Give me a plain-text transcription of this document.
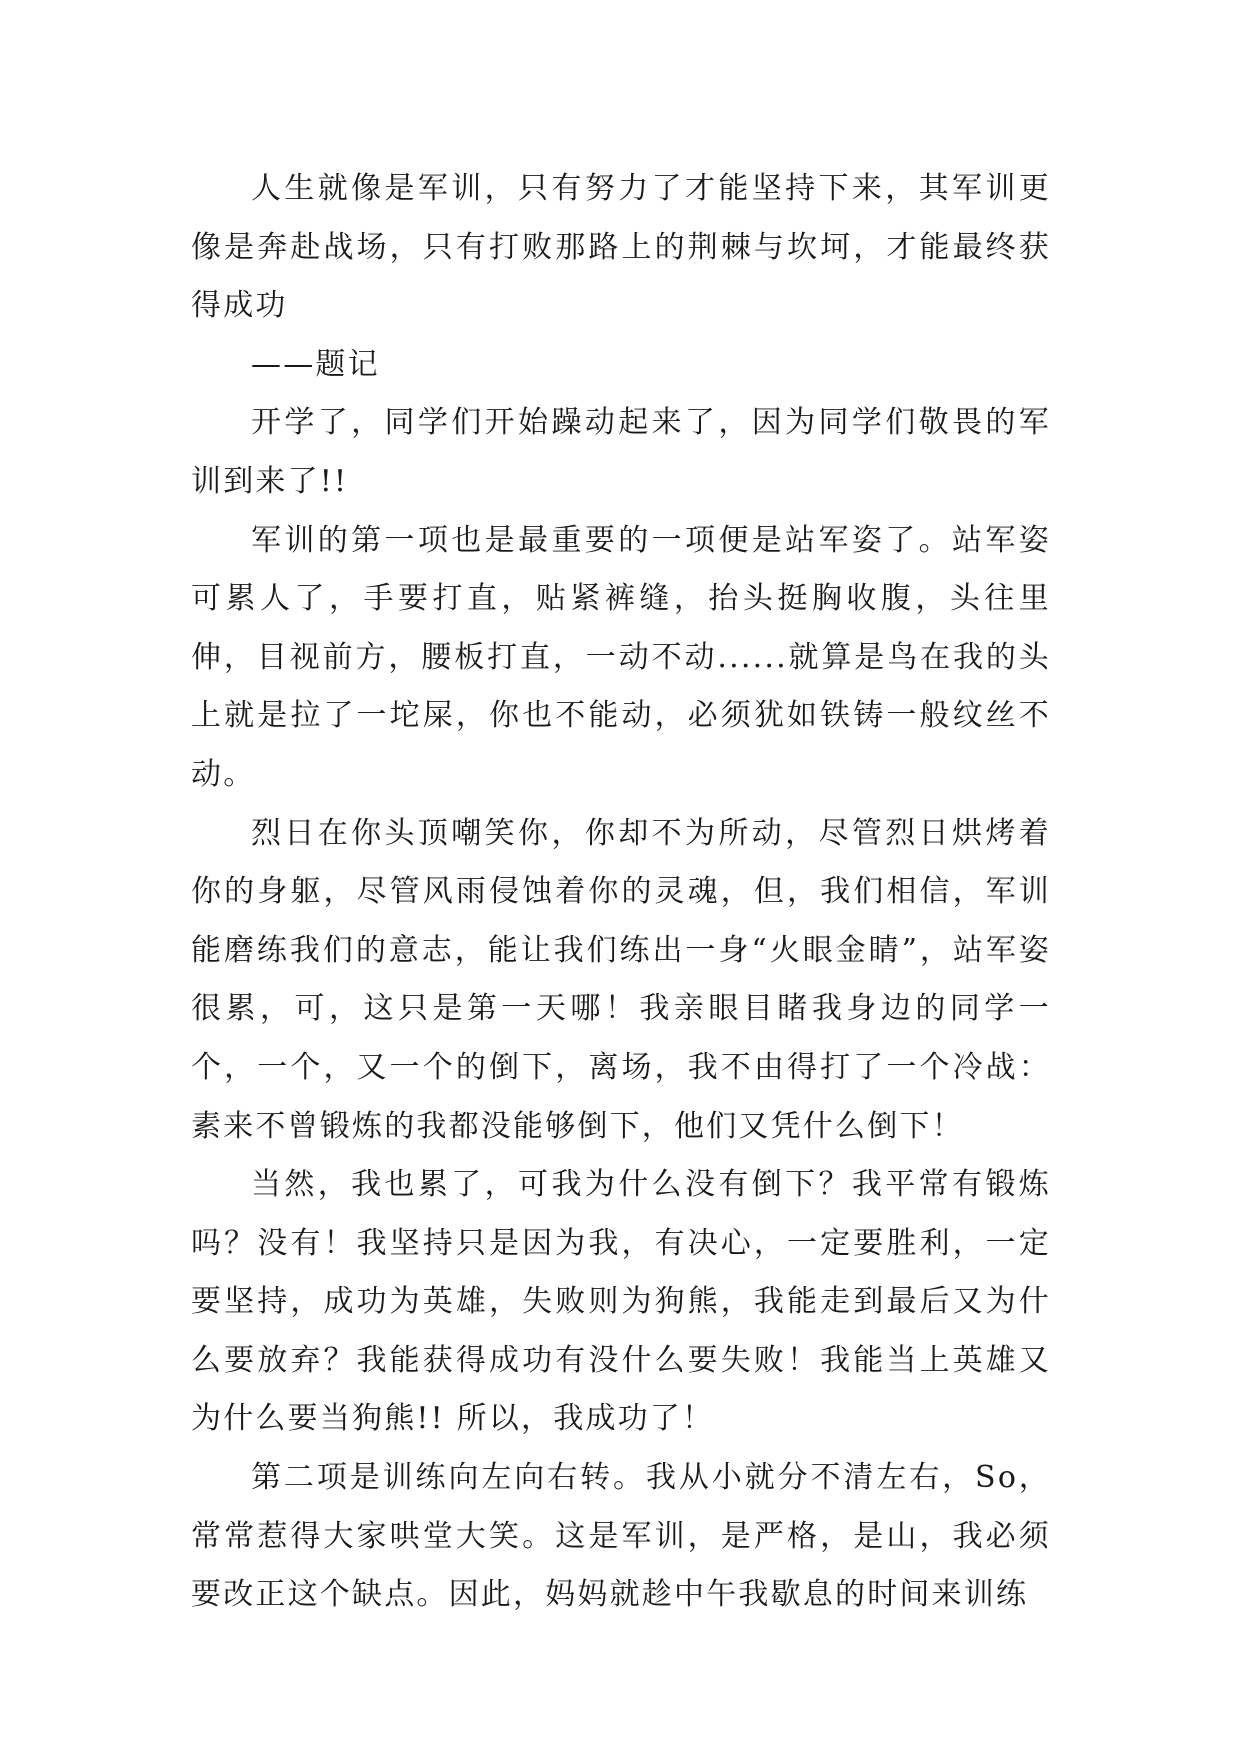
人生就像是军训，只有努力了才能坚持下来，其军训更像是奔赴战场，只有打败那路上的荆棘与坎坷，才能最终获得成功

——题记

开学了，同学们开始躁动起来了，因为同学们敬畏的军训到来了!!

军训的第一项也是最重要的一项便是站军姿了。站军姿可累人了，手要打直，贴紧裤缝，抬头挺胸收腹，头往里伸，目视前方，腰板打直，一动不动......就算是鸟在我的头上就是拉了一坨屎，你也不能动，必须犹如铁铸一般纹丝不动。

烈日在你头顶嘲笑你，你却不为所动，尽管烈日烘烤着你的身躯，尽管风雨侵蚀着你的灵魂，但，我们相信，军训能磨练我们的意志，能让我们练出一身“火眼金睛”，站军姿很累，可，这只是第一天哪！我亲眼目睹我身边的同学一个，一个，又一个的倒下，离场，我不由得打了一个冷战：素来不曾锻炼的我都没能够倒下，他们又凭什么倒下！

当然，我也累了，可我为什么没有倒下？我平常有锻炼吗？没有！我坚持只是因为我，有决心，一定要胜利，一定要坚持，成功为英雄，失败则为狗熊，我能走到最后又为什么要放弃？我能获得成功有没什么要失败！我能当上英雄又为什么要当狗熊!! 所以，我成功了！

第二项是训练向左向右转。我从小就分不清左右，So，常常惹得大家哄堂大笑。这是军训，是严格，是山，我必须要改正这个缺点。因此，妈妈就趁中午我歇息的时间来训练
